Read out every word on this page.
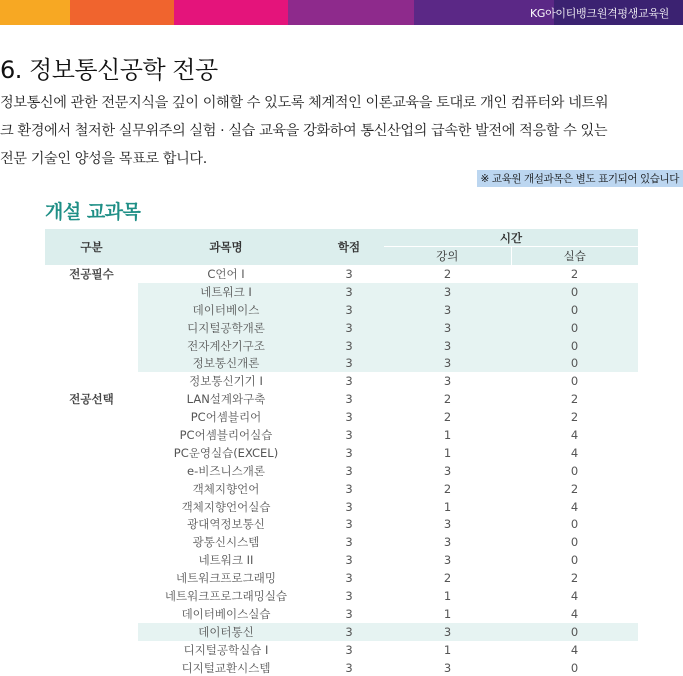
KG아이티뱅크원격평생교육원
6. 정보통신공학 전공
정보통신에 관한 전문지식을 깊이 이해할 수 있도록 체계적인 이론교육을 토대로 개인 컴퓨터와 네트워
크 환경에서 철저한 실무위주의 실험 · 실습 교육을 강화하여 통신산업의 급속한 발전에 적응할 수 있는
전문 기술인 양성을 목표로 합니다.
※ 교육원 개설과목은 별도 표기되어 있습니다
개설 교과목
구분	과목명	학점	시간	
			강의	실습
전공필수	C언어 I	3	2	2
	네트워크 I	3	3	0
	데이터베이스	3	3	0
	디지털공학개론	3	3	0
	전자계산기구조	3	3	0
	정보통신개론	3	3	0
	정보통신기기 I	3	3	0
전공선택	LAN설계와구축	3	2	2
	PC어셈블리어	3	2	2
	PC어셈블리어실습	3	1	4
	PC운영실습(EXCEL)	3	1	4
	e-비즈니스개론	3	3	0
	객체지향언어	3	2	2
	객체지향언어실습	3	1	4
	광대역정보통신	3	3	0
	광통신시스템	3	3	0
	네트워크 II	3	3	0
	네트워크프로그래밍	3	2	2
	네트워크프로그래밍실습	3	1	4
	데이터베이스실습	3	1	4
	데이터통신	3	3	0
	디지털공학실습 I	3	1	4
	디지털교환시스템	3	3	0
